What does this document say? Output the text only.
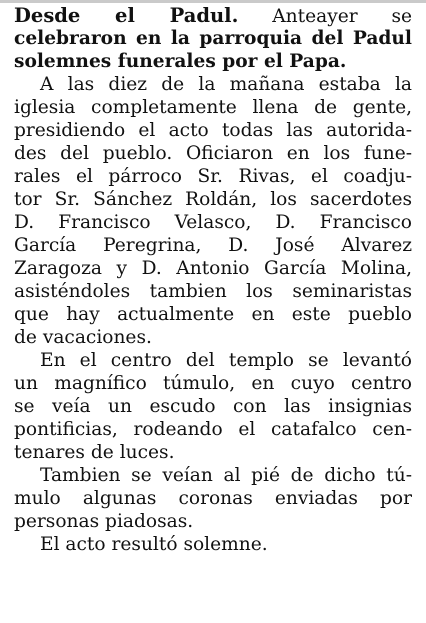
Desde el Padul. Anteayer se
celebraron en la parroquia del Padul
solemnes funerales por el Papa.
A las diez de la mañana estaba la
iglesia completamente llena de gente,
presidiendo el acto todas las autorida-
des del pueblo. Oficiaron en los fune-
rales el párroco Sr. Rivas, el coadju-
tor Sr. Sánchez Roldán, los sacerdotes
D. Francisco Velasco, D. Francisco
García Peregrina, D. José Alvarez
Zaragoza y D. Antonio García Molina,
asisténdoles tambien los seminaristas
que hay actualmente en este pueblo
de vacaciones.
En el centro del templo se levantó
un magnífico túmulo, en cuyo centro
se veía un escudo con las insignias
pontificias, rodeando el catafalco cen-
tenares de luces.
Tambien se veían al pié de dicho tú-
mulo algunas coronas enviadas por
personas piadosas.
El acto resultó solemne.
